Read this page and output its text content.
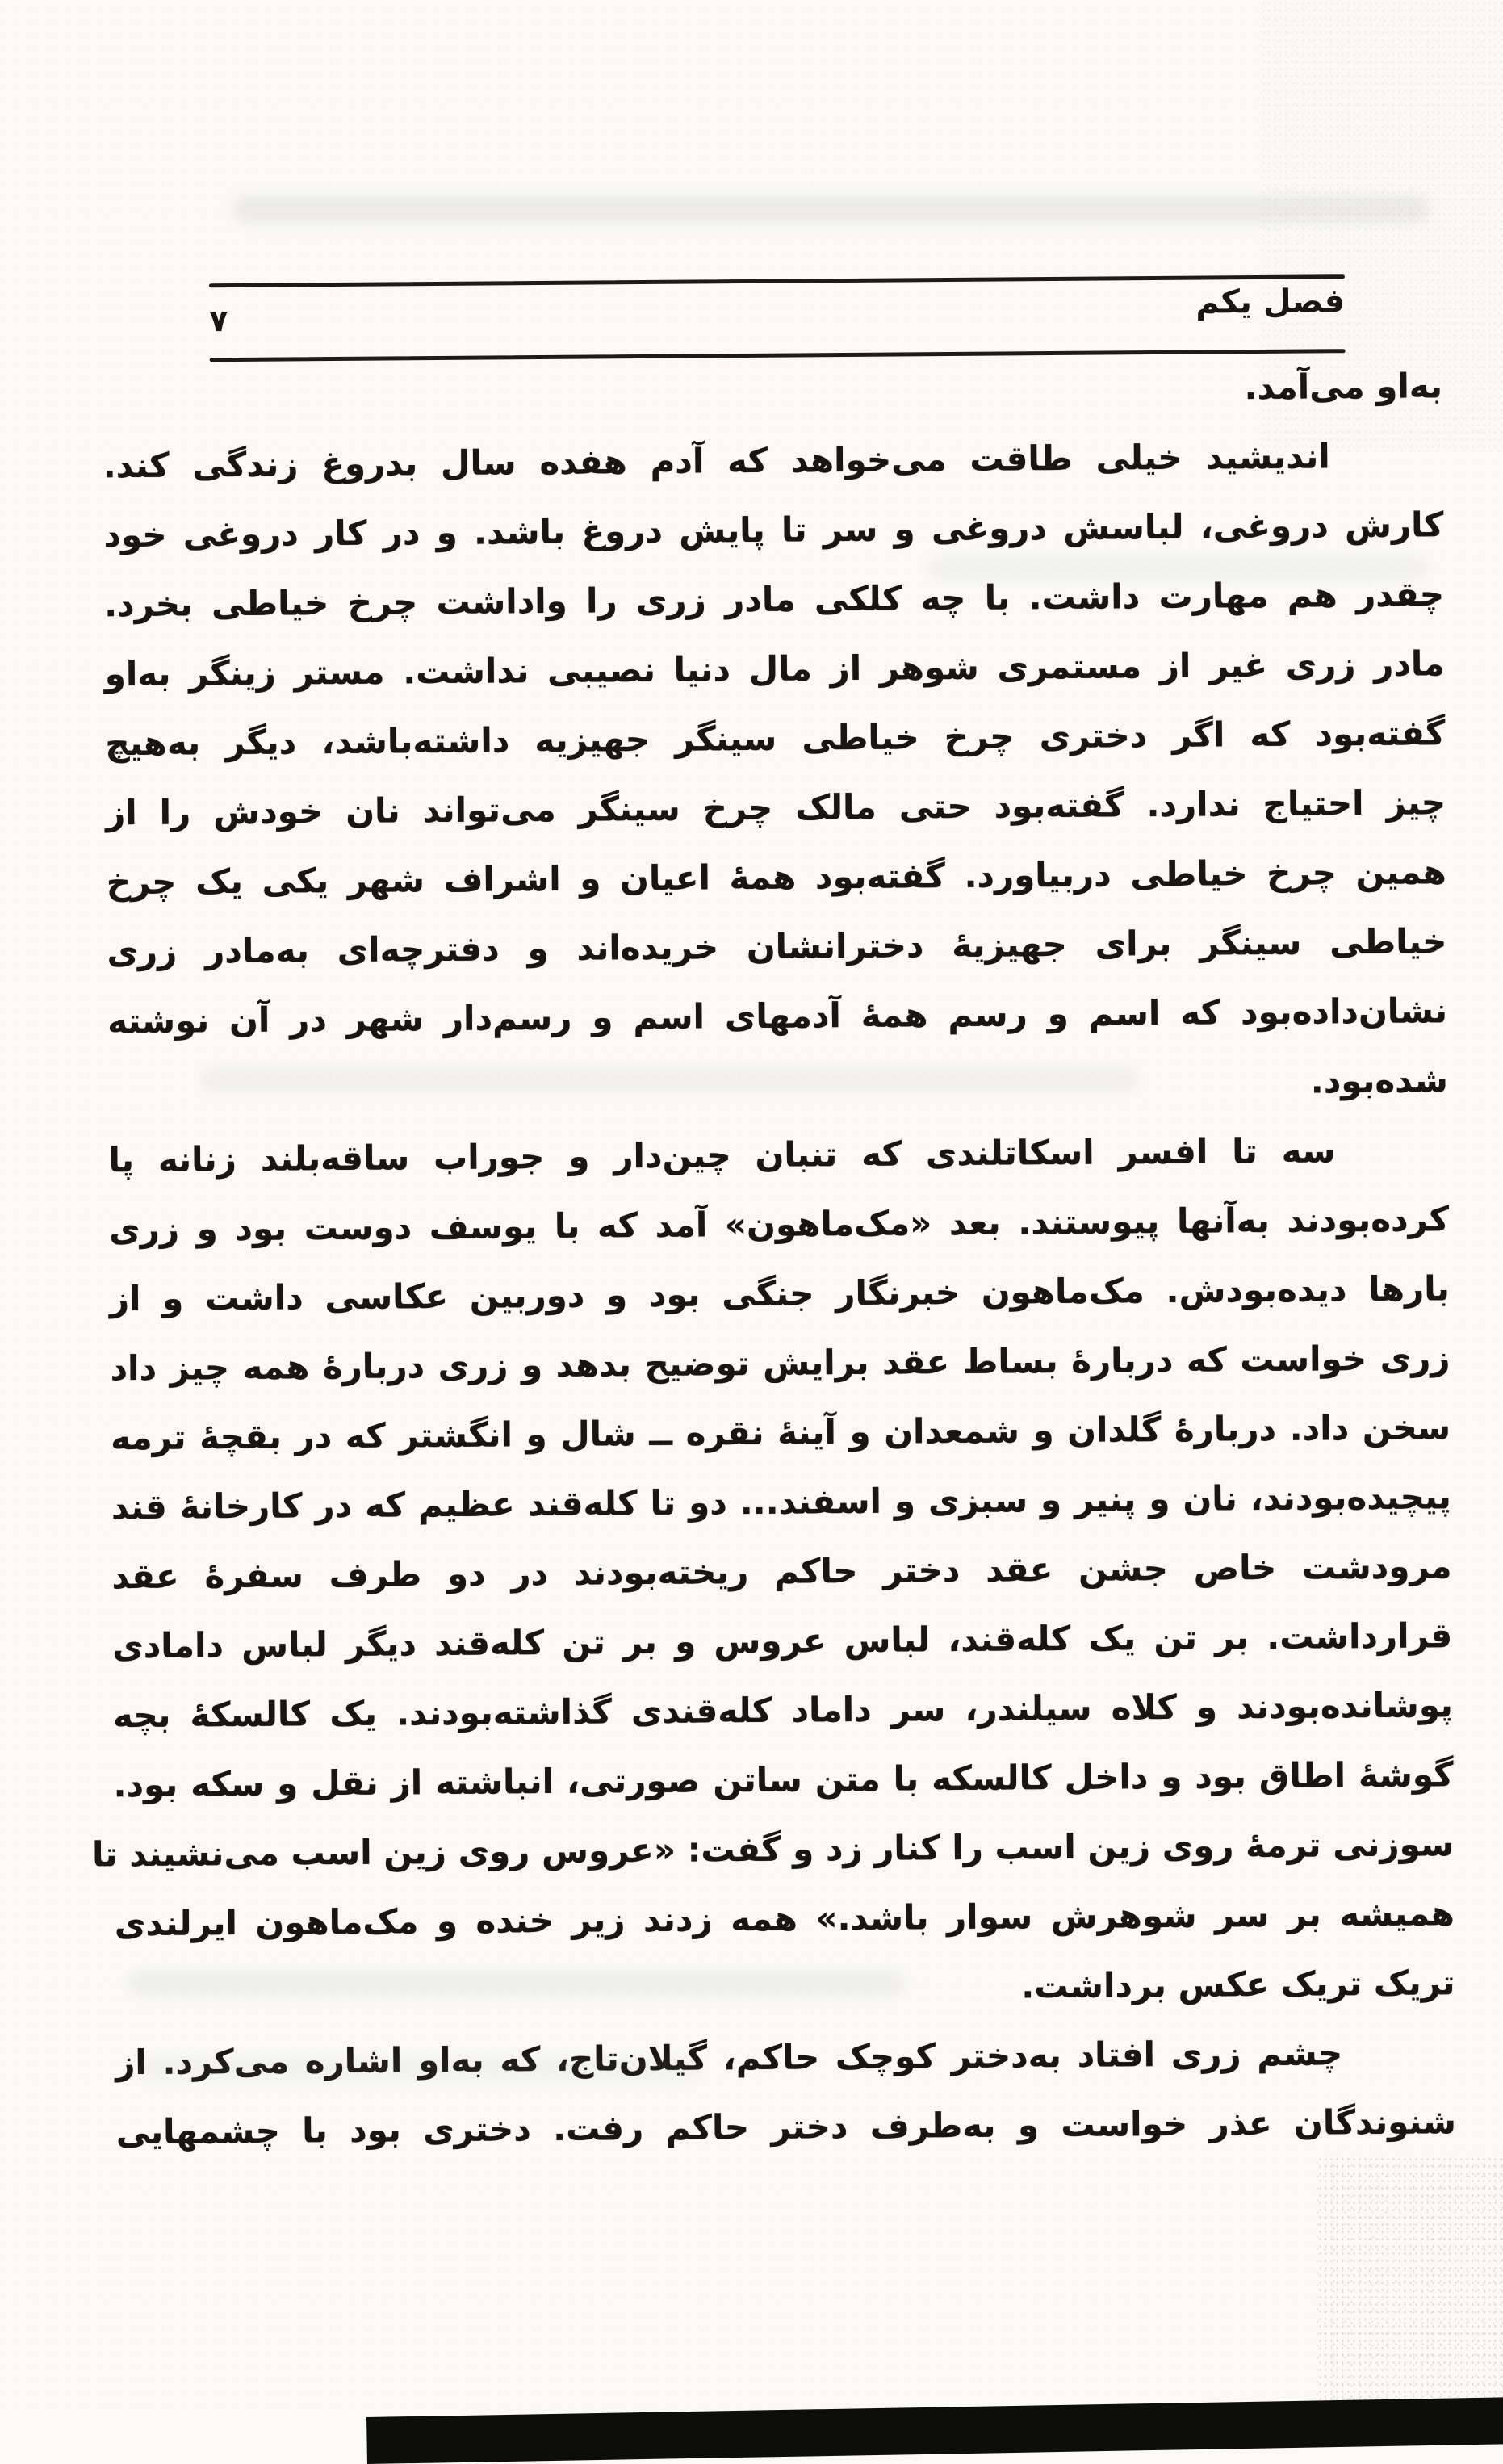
فصل یکم
۷
به‌او می‌آمد.
اندیشید خیلی طاقت می‌خواهد که آدم هفده سال بدروغ زندگی کند.
کارش دروغی، لباسش دروغی و سر تا پایش دروغ باشد. و در کار دروغی خود
چقدر هم مهارت داشت. با چه کلکی مادر زری را واداشت چرخ خیاطی بخرد.
مادر زری غیر از مستمری شوهر از مال دنیا نصیبی نداشت. مستر زینگر به‌او
گفته‌بود که اگر دختری چرخ خیاطی سینگر جهیزیه داشته‌باشد، دیگر به‌هیچ
چیز احتیاج ندارد. گفته‌بود حتی مالک چرخ سینگر می‌تواند نان خودش را از
همین چرخ خیاطی دربیاورد. گفته‌بود همۀ اعیان و اشراف شهر یکی یک چرخ
خیاطی سینگر برای جهیزیۀ دخترانشان خریده‌اند و دفترچه‌ای به‌مادر زری
نشان‌داده‌بود که اسم و رسم همۀ آدمهای اسم و رسم‌دار شهر در آن نوشته
شده‌بود.
سه تا افسر اسکاتلندی که تنبان چین‌دار و جوراب ساقه‌بلند زنانه پا
کرده‌بودند به‌آنها پیوستند. بعد «مک‌ماهون» آمد که با یوسف دوست بود و زری
بارها دیده‌بودش. مک‌ماهون خبرنگار جنگی بود و دوربین عکاسی داشت و از
زری خواست که دربارۀ بساط عقد برایش توضیح بدهد و زری دربارۀ همه چیز داد
سخن داد. دربارۀ گلدان و شمعدان و آینۀ نقره ــ شال و انگشتر که در بقچۀ ترمه
پیچیده‌بودند، نان و پنیر و سبزی و اسفند... دو تا کله‌قند عظیم که در کارخانۀ قند
مرودشت خاص جشن عقد دختر حاکم ریخته‌بودند در دو طرف سفرۀ عقد
قرارداشت. بر تن یک کله‌قند، لباس عروس و بر تن کله‌قند دیگر لباس دامادی
پوشانده‌بودند و کلاه سیلندر، سر داماد کله‌قندی گذاشته‌بودند. یک کالسکۀ بچه
گوشۀ اطاق بود و داخل کالسکه با متن ساتن صورتی، انباشته از نقل و سکه بود.
سوزنی ترمۀ روی زین اسب را کنار زد و گفت: «عروس روی زین اسب می‌نشیند تا
همیشه بر سر شوهرش سوار باشد.» همه زدند زیر خنده و مک‌ماهون ایرلندی
تریک تریک عکس برداشت.
چشم زری افتاد به‌دختر کوچک حاکم، گیلان‌تاج، که به‌او اشاره می‌کرد. از
شنوندگان عذر خواست و به‌طرف دختر حاکم رفت. دختری بود با چشمهایی
